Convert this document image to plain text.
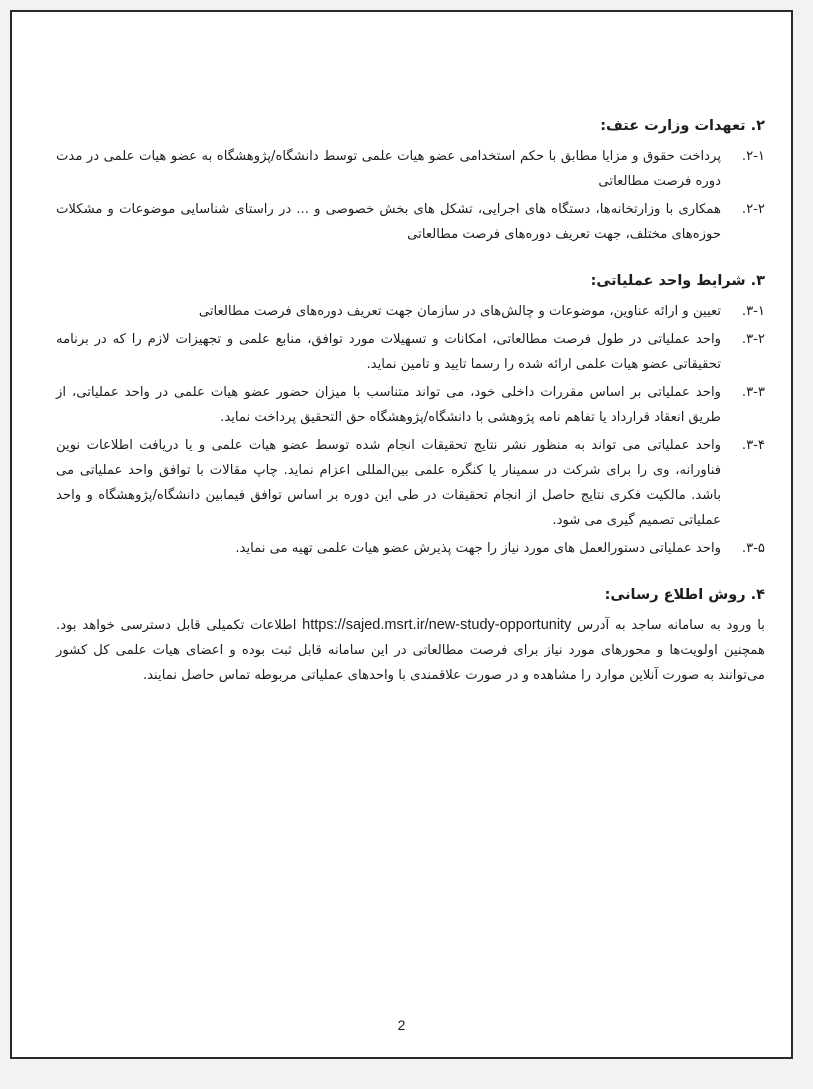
۲. تعهدات وزارت عتف:
۲-۱.
پرداخت حقوق و مزایا مطابق با حکم استخدامی عضو هیات علمی توسط دانشگاه/پژوهشگاه به عضو هیات علمی در مدت دوره فرصت مطالعاتی
۲-۲.
همکاری با وزارتخانه‌ها، دستگاه های اجرایی، تشکل های بخش خصوصی و ... در راستای شناسایی موضوعات و مشکلات حوزه‌های مختلف، جهت تعریف دوره‌های فرصت مطالعاتی
۳. شرایط واحد عملیاتی:
۳-۱.
تعیین و ارائه عناوین، موضوعات و چالش‌های در سازمان جهت تعریف دوره‌های فرصت مطالعاتی
۳-۲.
واحد عملیاتی در طول فرصت مطالعاتی، امکانات و تسهیلات مورد توافق، منابع علمی و تجهیزات لازم را که در برنامه تحقیقاتی عضو هیات علمی ارائه شده را رسما تایید و تامین نماید.
۳-۳.
واحد عملیاتی بر اساس مقررات داخلی خود، می تواند متناسب با میزان حضور عضو هیات علمی در واحد عملیاتی، از طریق انعقاد قرارداد یا تفاهم نامه پژوهشی با دانشگاه/پژوهشگاه حق التحقیق پرداخت نماید.
۳-۴.
واحد عملیاتی می تواند به منظور نشر نتایج تحقیقات انجام شده توسط عضو هیات علمی و یا دریافت اطلاعات نوین فناورانه، وی را برای شرکت در سمینار یا کنگره علمی بین‌المللی اعزام نماید. چاپ مقالات با توافق واحد عملیاتی می باشد. مالکیت فکری نتایج حاصل از انجام تحقیقات در طی این دوره بر اساس توافق فیمابین دانشگاه/پژوهشگاه و واحد عملیاتی تصمیم گیری می شود.
۳-۵.
واحد عملیاتی دستورالعمل های مورد نیاز را جهت پذیرش عضو هیات علمی تهیه می نماید.
۴. روش اطلاع رسانی:
با ورود به سامانه ساجد به آدرس https://sajed.msrt.ir/new-study-opportunity اطلاعات تکمیلی قابل دسترسی خواهد بود. همچنین اولویت‌ها و محورهای مورد نیاز برای فرصت مطالعاتی در این سامانه قابل ثبت بوده و اعضای هیات علمی کل کشور می‌توانند به صورت آنلاین موارد را مشاهده و در صورت علاقمندی با واحدهای عملیاتی مربوطه تماس حاصل نمایند.
2
